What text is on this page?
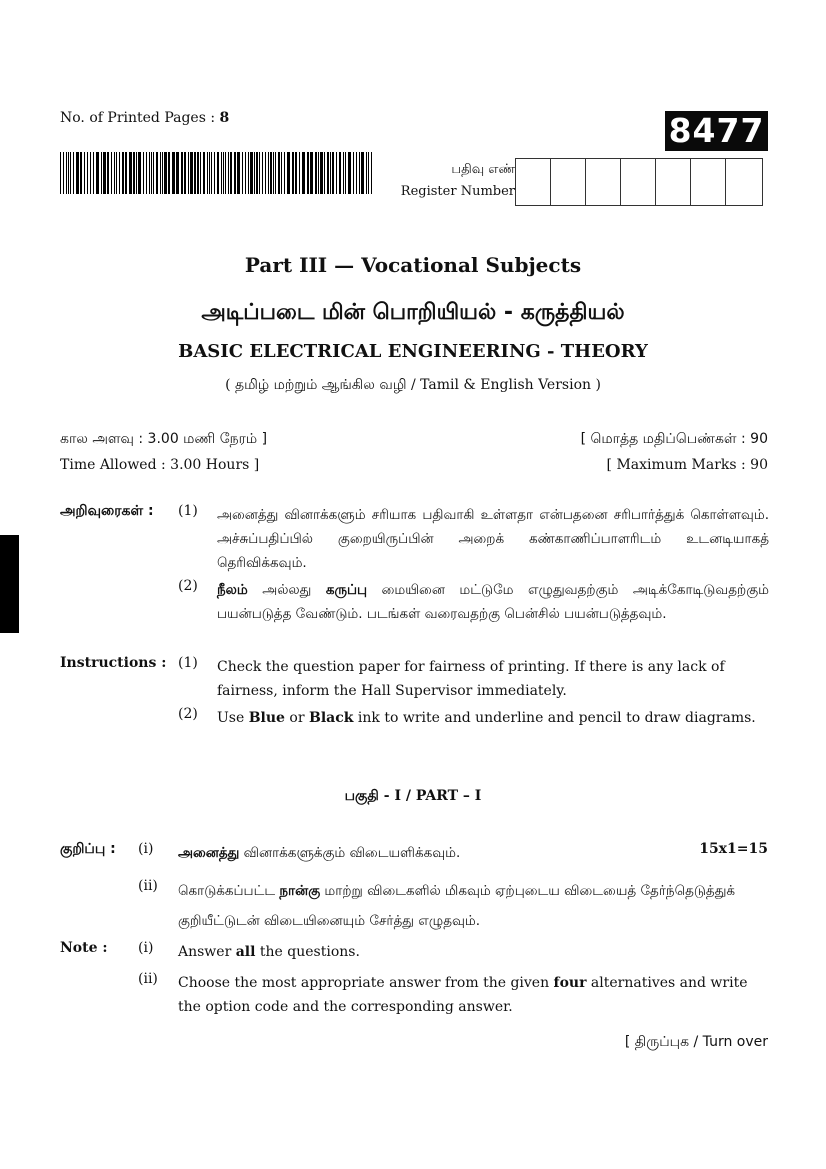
No. of Printed Pages : 8	8477
பதிவு எண்
Register Number
Part III — Vocational Subjects
அடிப்படை மின் பொறியியல் - கருத்தியல்
BASIC ELECTRICAL ENGINEERING - THEORY
( தமிழ் மற்றும் ஆங்கில வழி / Tamil & English Version )
கால அளவு : 3.00 மணி நேரம் ]
Time Allowed : 3.00 Hours ]
[ மொத்த மதிப்பெண்கள் : 90
[ Maximum Marks : 90
அறிவுரைகள் : (1) அனைத்து வினாக்களும் சரியாக பதிவாகி உள்ளதா என்பதனை சரிபார்த்துக் கொள்ளவும். அச்சுப்பதிப்பில் குறையிருப்பின் அறைக் கண்காணிப்பாளரிடம் உடனடியாகத் தெரிவிக்கவும்.
(2) நீலம் அல்லது கருப்பு மையினை மட்டுமே எழுதுவதற்கும் அடிக்கோடிடுவதற்கும் பயன்படுத்த வேண்டும். படங்கள் வரைவதற்கு பென்சில் பயன்படுத்தவும்.
Instructions : (1) Check the question paper for fairness of printing. If there is any lack of fairness, inform the Hall Supervisor immediately.
(2) Use Blue or Black ink to write and underline and pencil to draw diagrams.
பகுதி - I / PART – I
குறிப்பு : (i) அனைத்து வினாக்களுக்கும் விடையளிக்கவும்.	15x1=15
(ii) கொடுக்கப்பட்ட நான்கு மாற்று விடைகளில் மிகவும் ஏற்புடைய விடையைத் தேர்ந்தெடுத்துக் குறியீட்டுடன் விடையினையும் சேர்த்து எழுதவும்.
Note : (i) Answer all the questions.
(ii) Choose the most appropriate answer from the given four alternatives and write the option code and the corresponding answer.
[ திருப்புக / Turn over
